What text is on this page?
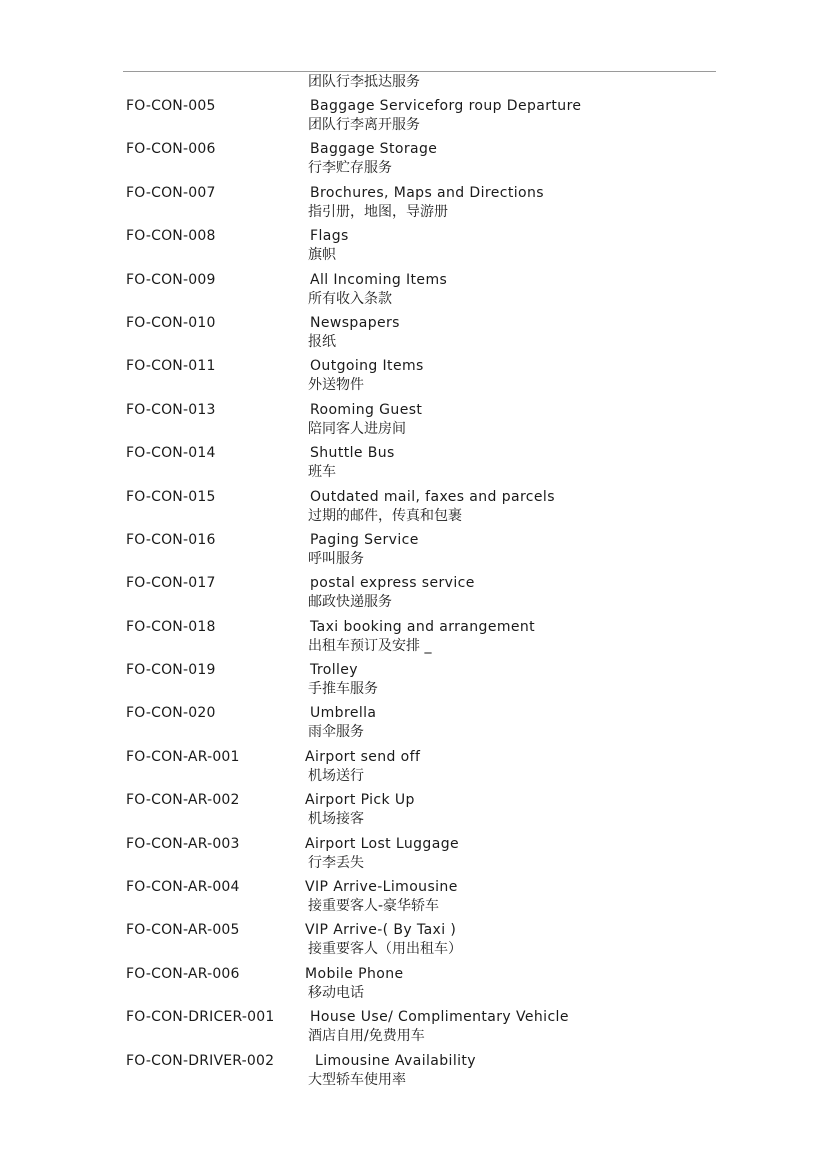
团队行李抵达服务
FO-CON-005	Baggage Serviceforg roup Departure
团队行李离开服务
FO-CON-006	Baggage Storage
行李贮存服务
FO-CON-007	Brochures, Maps and Directions
指引册，地图，导游册
FO-CON-008	Flags
旗帜
FO-CON-009	All Incoming Items
所有收入条款
FO-CON-010	Newspapers
报纸
FO-CON-011	Outgoing Items
外送物件
FO-CON-013	Rooming Guest
陪同客人进房间
FO-CON-014	Shuttle Bus
班车
FO-CON-015	Outdated mail, faxes and parcels
过期的邮件，传真和包裹
FO-CON-016	Paging Service
呼叫服务
FO-CON-017	postal express service
邮政快递服务
FO-CON-018	Taxi booking and arrangement
出租车预订及安排 _
FO-CON-019	Trolley
手推车服务
FO-CON-020	Umbrella
雨伞服务
FO-CON-AR-001	Airport send off
机场送行
FO-CON-AR-002	Airport Pick Up
机场接客
FO-CON-AR-003	Airport Lost Luggage
行李丢失
FO-CON-AR-004	VIP Arrive-Limousine
接重要客人-豪华轿车
FO-CON-AR-005	VIP Arrive-( By Taxi )
接重要客人（用出租车）
FO-CON-AR-006	Mobile Phone
移动电话
FO-CON-DRICER-001	House Use/ Complimentary Vehicle
酒店自用/免费用车
FO-CON-DRIVER-002	Limousine Availability
大型轿车使用率
